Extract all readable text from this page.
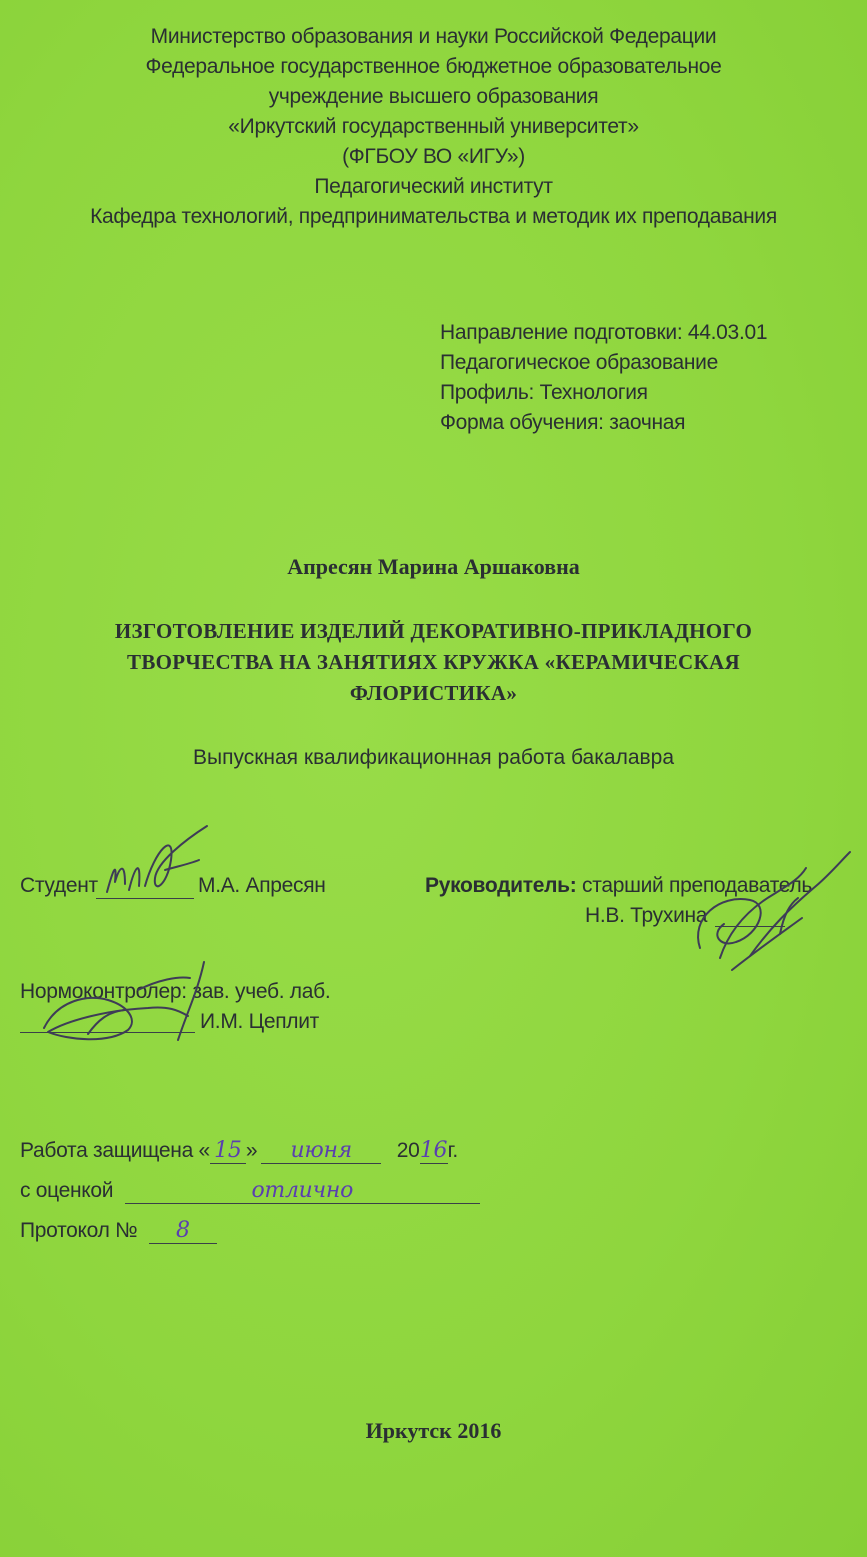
Министерство образования и науки Российской Федерации
Федеральное государственное бюджетное образовательное
учреждение высшего образования
«Иркутский государственный университет»
(ФГБОУ ВО «ИГУ»)
Педагогический институт
Кафедра технологий, предпринимательства и методик их преподавания
Направление подготовки: 44.03.01
Педагогическое образование
Профиль: Технология
Форма обучения: заочная
Апресян Марина Аршаковна
ИЗГОТОВЛЕНИЕ ИЗДЕЛИЙ ДЕКОРАТИВНО-ПРИКЛАДНОГО
ТВОРЧЕСТВА НА ЗАНЯТИЯХ КРУЖКА «КЕРАМИЧЕСКАЯ
ФЛОРИСТИКА»
Выпускная квалификационная работа бакалавра
Студент	М.А. Апресян	Руководитель: старший преподаватель
Н.В. Трухина
Нормоконтролер: зав. учеб. лаб.
И.М. Цеплит
Работа защищена « 15 » июня 2016г.
с оценкой	отлично
Протокол № 8
Иркутск 2016
